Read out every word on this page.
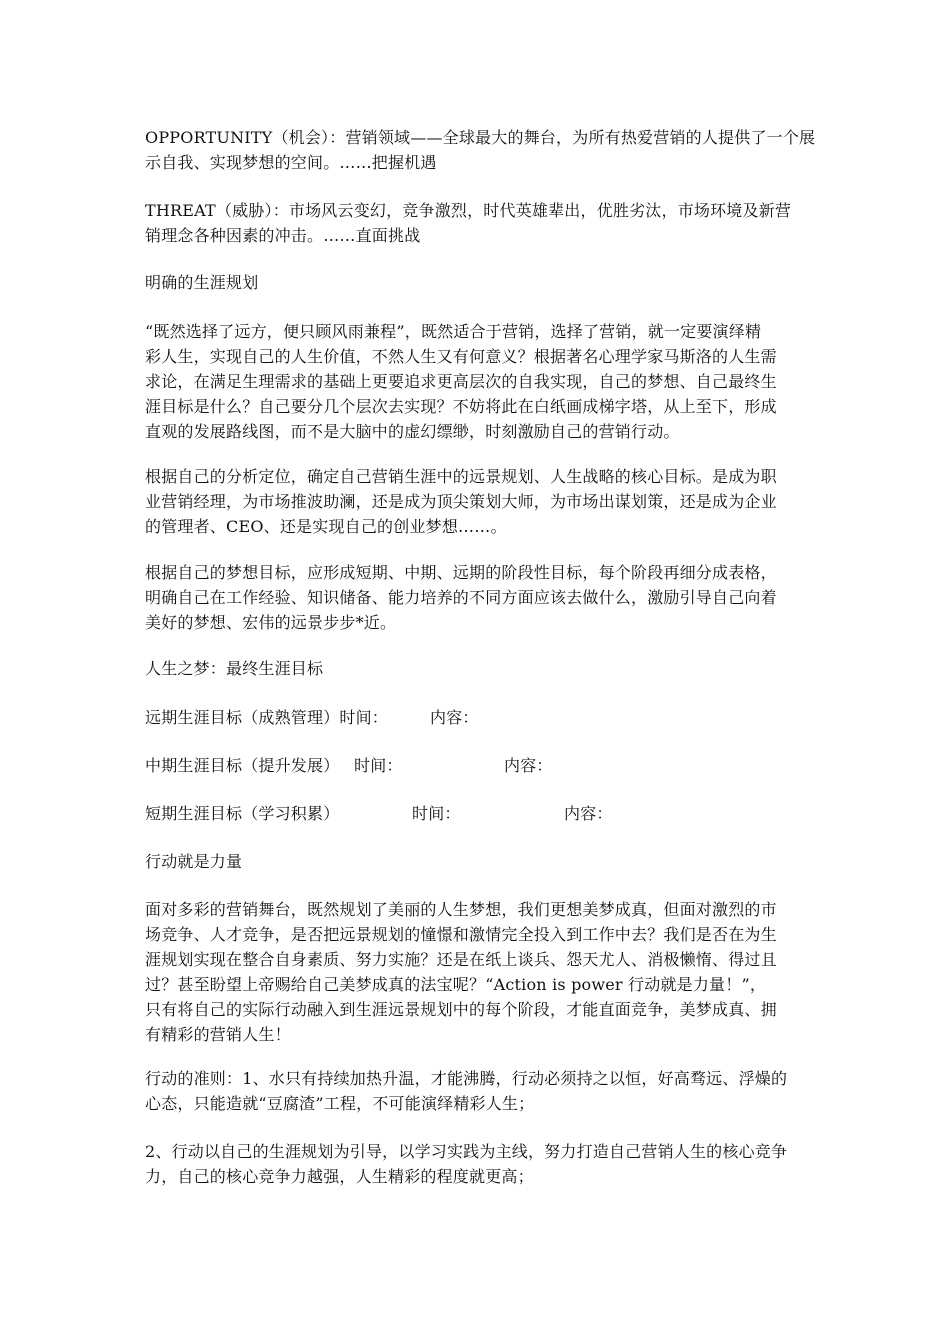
OPPORTUNITY（机会）：营销领域——全球最大的舞台，为所有热爱营销的人提供了一个展
示自我、实现梦想的空间。……把握机遇
THREAT（威胁）：市场风云变幻，竞争激烈，时代英雄辈出，优胜劣汰，市场环境及新营
销理念各种因素的冲击。……直面挑战
明确的生涯规划
“既然选择了远方，便只顾风雨兼程”，既然适合于营销，选择了营销，就一定要演绎精
彩人生，实现自己的人生价值，不然人生又有何意义？根据著名心理学家马斯洛的人生需
求论，在满足生理需求的基础上更要追求更高层次的自我实现，自己的梦想、自己最终生
涯目标是什么？自己要分几个层次去实现？不妨将此在白纸画成梯字塔，从上至下，形成
直观的发展路线图，而不是大脑中的虚幻缥缈，时刻激励自己的营销行动。
根据自己的分析定位，确定自己营销生涯中的远景规划、人生战略的核心目标。是成为职
业营销经理，为市场推波助澜，还是成为顶尖策划大师，为市场出谋划策，还是成为企业
的管理者、CEO、还是实现自己的创业梦想……。
根据自己的梦想目标，应形成短期、中期、远期的阶段性目标，每个阶段再细分成表格，
明确自己在工作经验、知识储备、能力培养的不同方面应该去做什么，激励引导自己向着
美好的梦想、宏伟的远景步步*近。
人生之梦：最终生涯目标
远期生涯目标（成熟管理）时间：	内容：
中期生涯目标（提升发展） 时间：	内容：
短期生涯目标（学习积累）	时间：	内容：
行动就是力量
面对多彩的营销舞台，既然规划了美丽的人生梦想，我们更想美梦成真，但面对激烈的市
场竞争、人才竞争，是否把远景规划的憧憬和激情完全投入到工作中去？我们是否在为生
涯规划实现在整合自身素质、努力实施？还是在纸上谈兵、怨天尤人、消极懒惰、得过且
过？甚至盼望上帝赐给自己美梦成真的法宝呢？“Action is power 行动就是力量！”，
只有将自己的实际行动融入到生涯远景规划中的每个阶段，才能直面竞争，美梦成真、拥
有精彩的营销人生！
行动的准则：1、水只有持续加热升温，才能沸腾，行动必须持之以恒，好高骛远、浮燥的
心态，只能造就“豆腐渣”工程，不可能演绎精彩人生；
2、行动以自己的生涯规划为引导，以学习实践为主线，努力打造自己营销人生的核心竞争
力，自己的核心竞争力越强，人生精彩的程度就更高；
